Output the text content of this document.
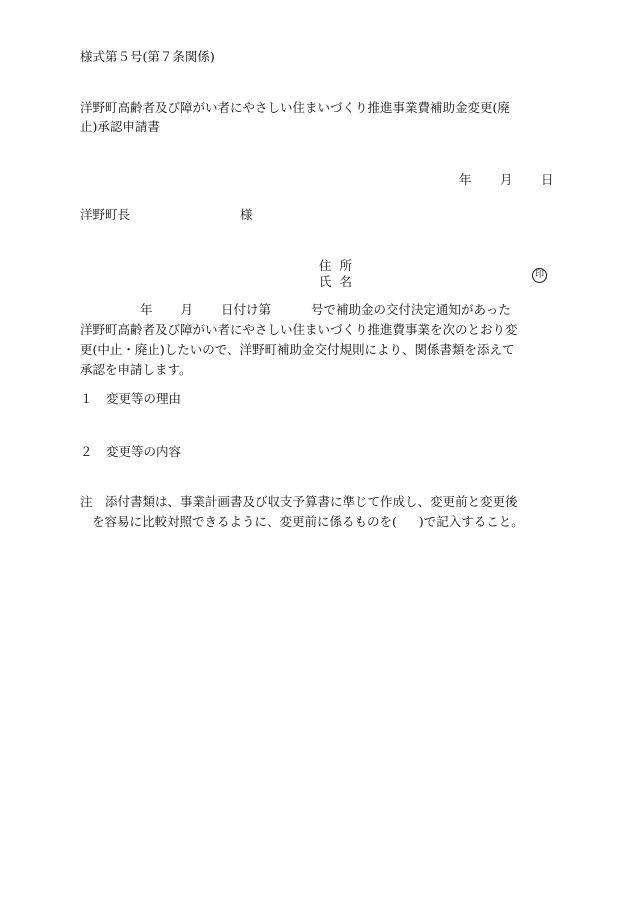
様式第５号(第７条関係)
洋野町高齢者及び障がい者にやさしい住まいづくり推進事業費補助金変更(廃
止)承認申請書
年 月 日
洋野町長	様
住所
氏名	印
年 月 日付け第	号で補助金の交付決定通知があった
洋野町高齢者及び障がい者にやさしい住まいづくり推進費事業を次のとおり変
更(中止・廃止)したいので、洋野町補助金交付規則により、関係書類を添えて
承認を申請します。
１ 変更等の理由
２ 変更等の内容
注　 添付書類は、事業計画書及び収支予算書に準じて作成し、変更前と変更後
を容易に比較対照できるように、変更前に係るものを( )で記入すること。
